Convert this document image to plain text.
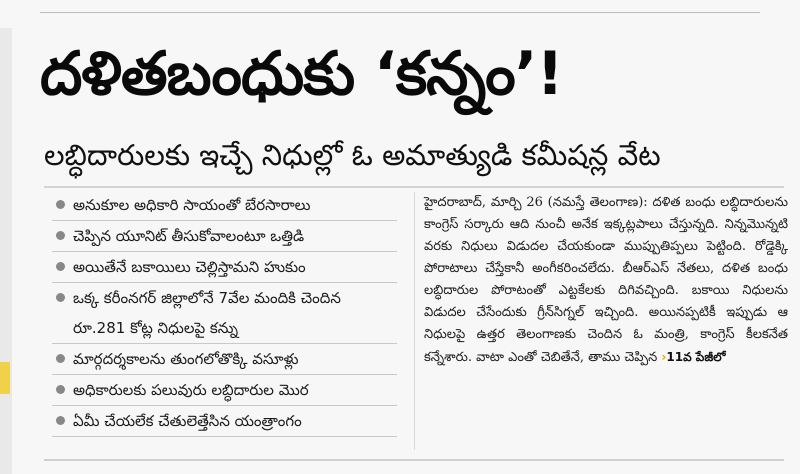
దళితబంధుకు ‘కన్నం’!
లబ్ధిదారులకు ఇచ్చే నిధుల్లో ఓ అమాత్యుడి కమీషన్ల వేట
అనుకూల అధికారి సాయంతో బేరసారాలు
చెప్పిన యూనిట్ తీసుకోవాలంటూ ఒత్తిడి
అయితేనే బకాయిలు చెల్లిస్తామని హుకుం
ఒక్క కరీంనగర్ జిల్లాలోనే 7వేల మందికి చెందిన రూ.281 కోట్ల నిధులపై కన్ను
మార్గదర్శకాలను తుంగలోతొక్కి వసూళ్లు
అధికారులకు పలువురు లబ్ధిదారుల మొర
ఏమీ చేయలేక చేతులెత్తేసిన యంత్రాంగం
హైదరాబాద్, మార్చి 26 (నమస్తే తెలంగాణ): దళిత బంధు లబ్ధిదారులను కాంగ్రెస్ సర్కారు ఆది నుంచీ అనేక ఇక్కట్లపాలు చేస్తున్నది. నిన్నమొన్నటి వరకు నిధులు విడుదల చేయకుండా ముప్పుతిప్పలు పెట్టింది. రోడ్డెక్కి పోరాటాలు చేస్తేకానీ అంగీకరించలేదు. బీఆర్ఎస్ నేతలు, దళిత బంధు లబ్ధిదారుల పోరాటంతో ఎట్టకేలకు దిగివచ్చింది. బకాయి నిధులను విడుదల చేసేందుకు గ్రీన్‌సిగ్నల్ ఇచ్చింది. అయినప్పటికీ ఇప్పుడు ఆ నిధులపై ఉత్తర తెలంగాణకు చెందిన ఓ మంత్రి, కాంగ్రెస్ కీలకనేత కన్నేశారు. వాటా ఎంతో చెబితేనే, తాము చెప్పిన ›11వ పేజీలో
